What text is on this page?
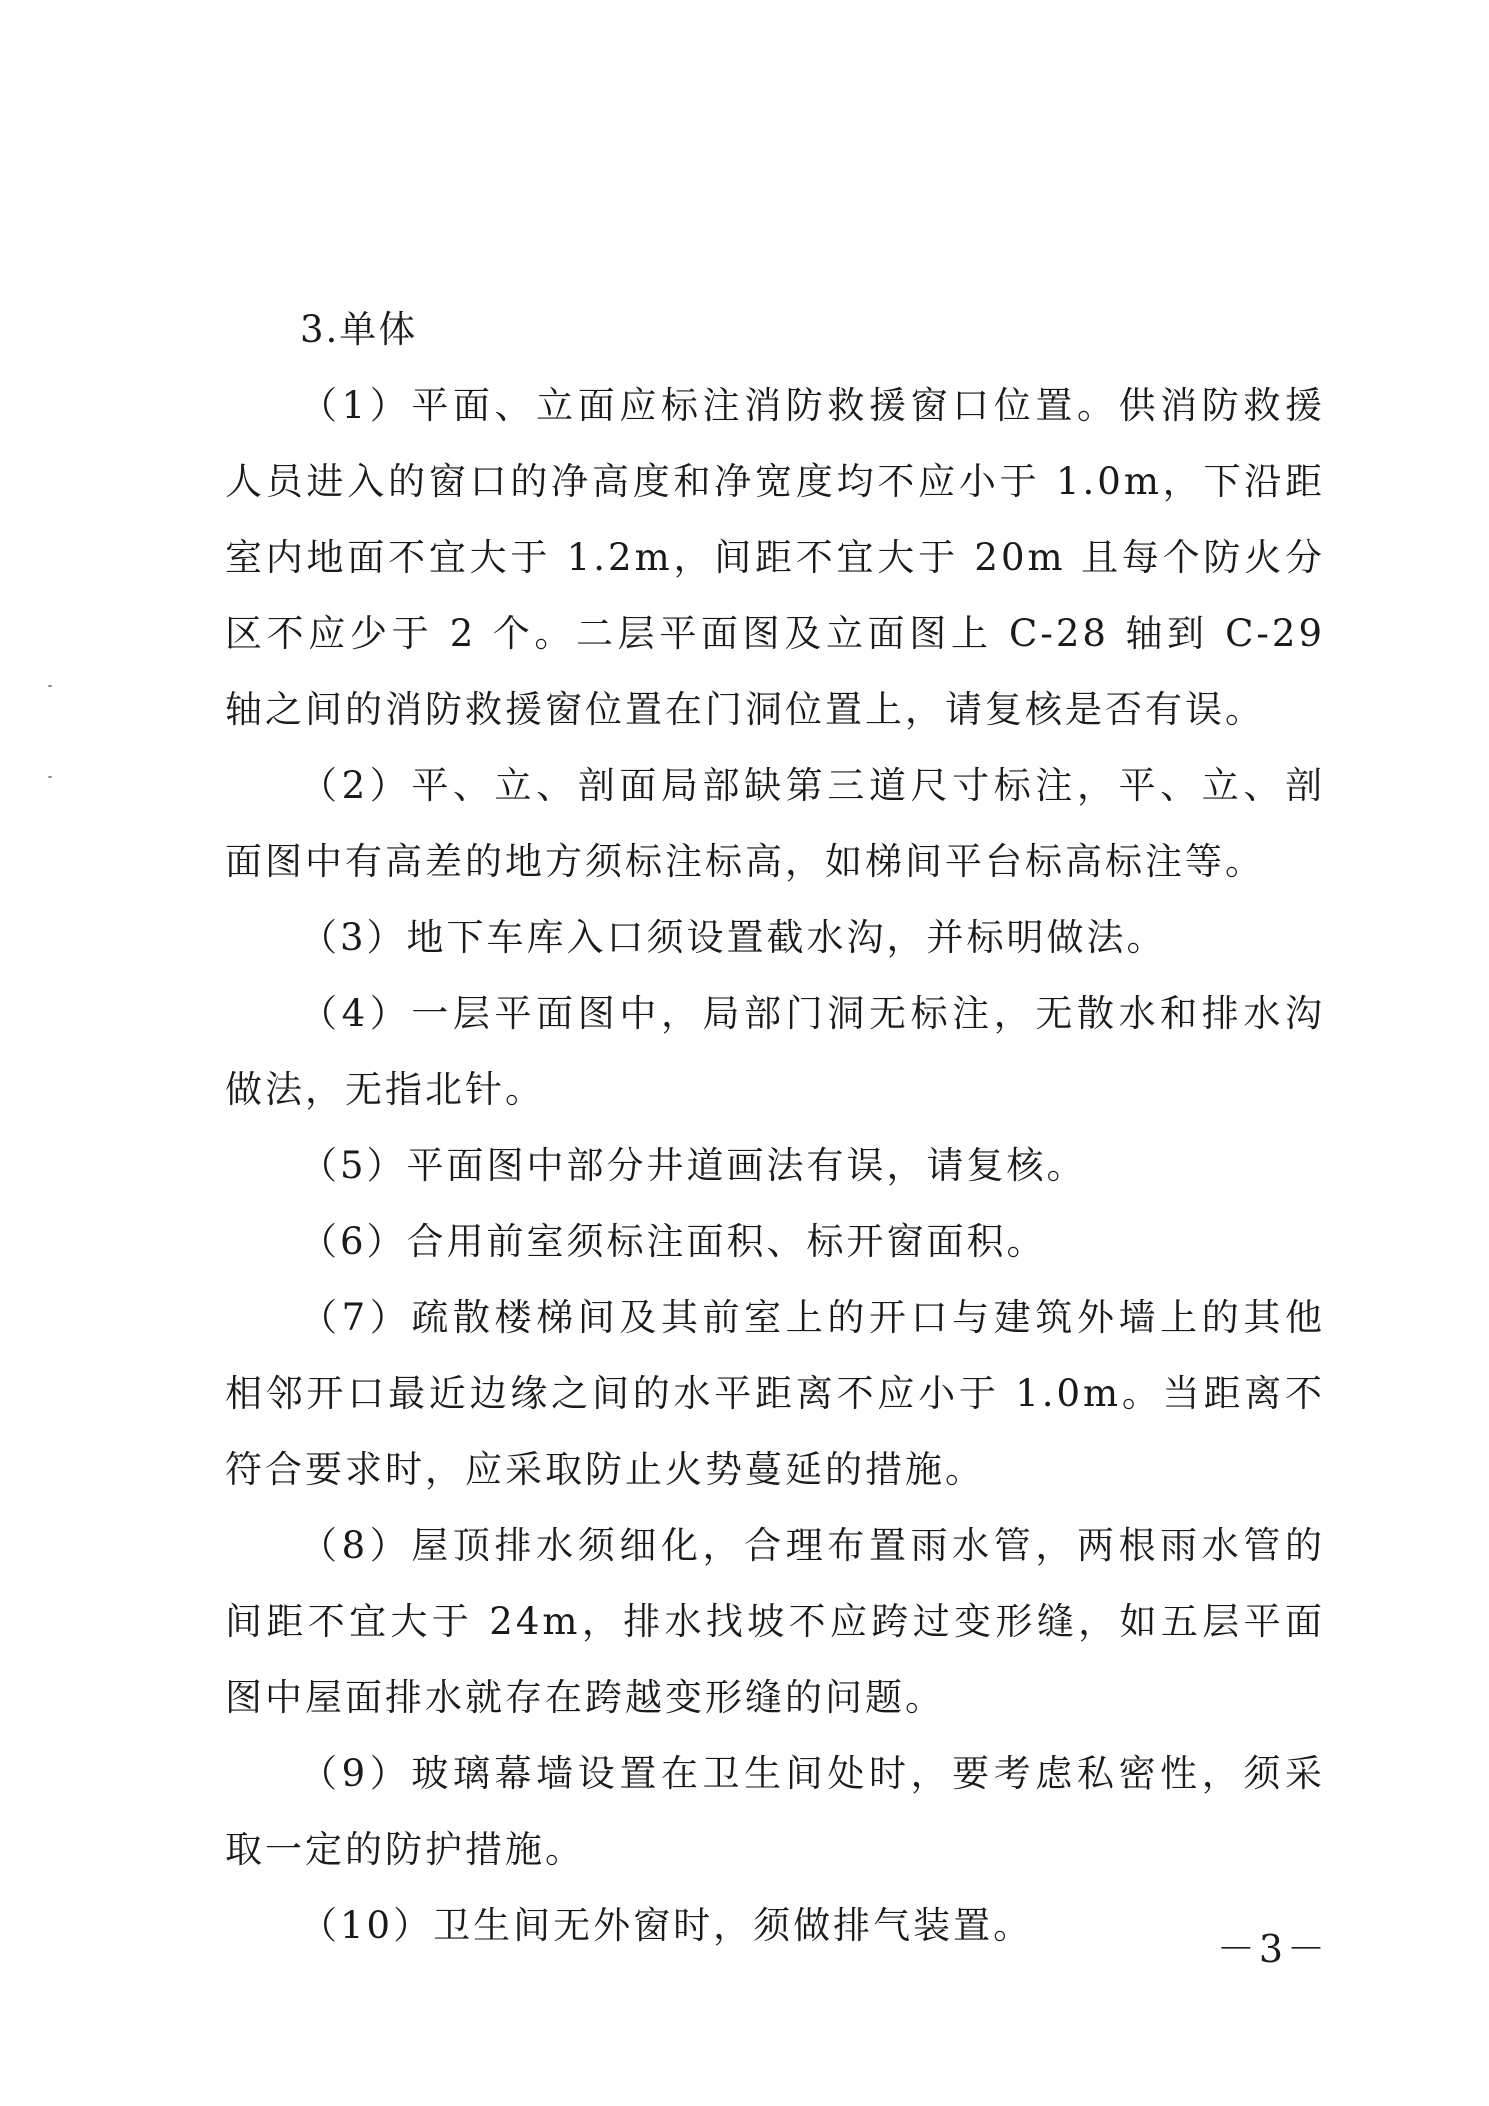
3.单体

（1）平面、立面应标注消防救援窗口位置。供消防救援人员进入的窗口的净高度和净宽度均不应小于 1.0m，下沿距室内地面不宜大于 1.2m，间距不宜大于 20m 且每个防火分区不应少于 2 个。二层平面图及立面图上 C-28 轴到 C-29 轴之间的消防救援窗位置在门洞位置上，请复核是否有误。

（2）平、立、剖面局部缺第三道尺寸标注，平、立、剖面图中有高差的地方须标注标高，如梯间平台标高标注等。

（3）地下车库入口须设置截水沟，并标明做法。

（4）一层平面图中，局部门洞无标注，无散水和排水沟做法，无指北针。

（5）平面图中部分井道画法有误，请复核。

（6）合用前室须标注面积、标开窗面积。

（7）疏散楼梯间及其前室上的开口与建筑外墙上的其他相邻开口最近边缘之间的水平距离不应小于 1.0m。当距离不符合要求时，应采取防止火势蔓延的措施。

（8）屋顶排水须细化，合理布置雨水管，两根雨水管的间距不宜大于 24m，排水找坡不应跨过变形缝，如五层平面图中屋面排水就存在跨越变形缝的问题。

（9）玻璃幕墙设置在卫生间处时，要考虑私密性，须采取一定的防护措施。

（10）卫生间无外窗时，须做排气装置。

－3－
